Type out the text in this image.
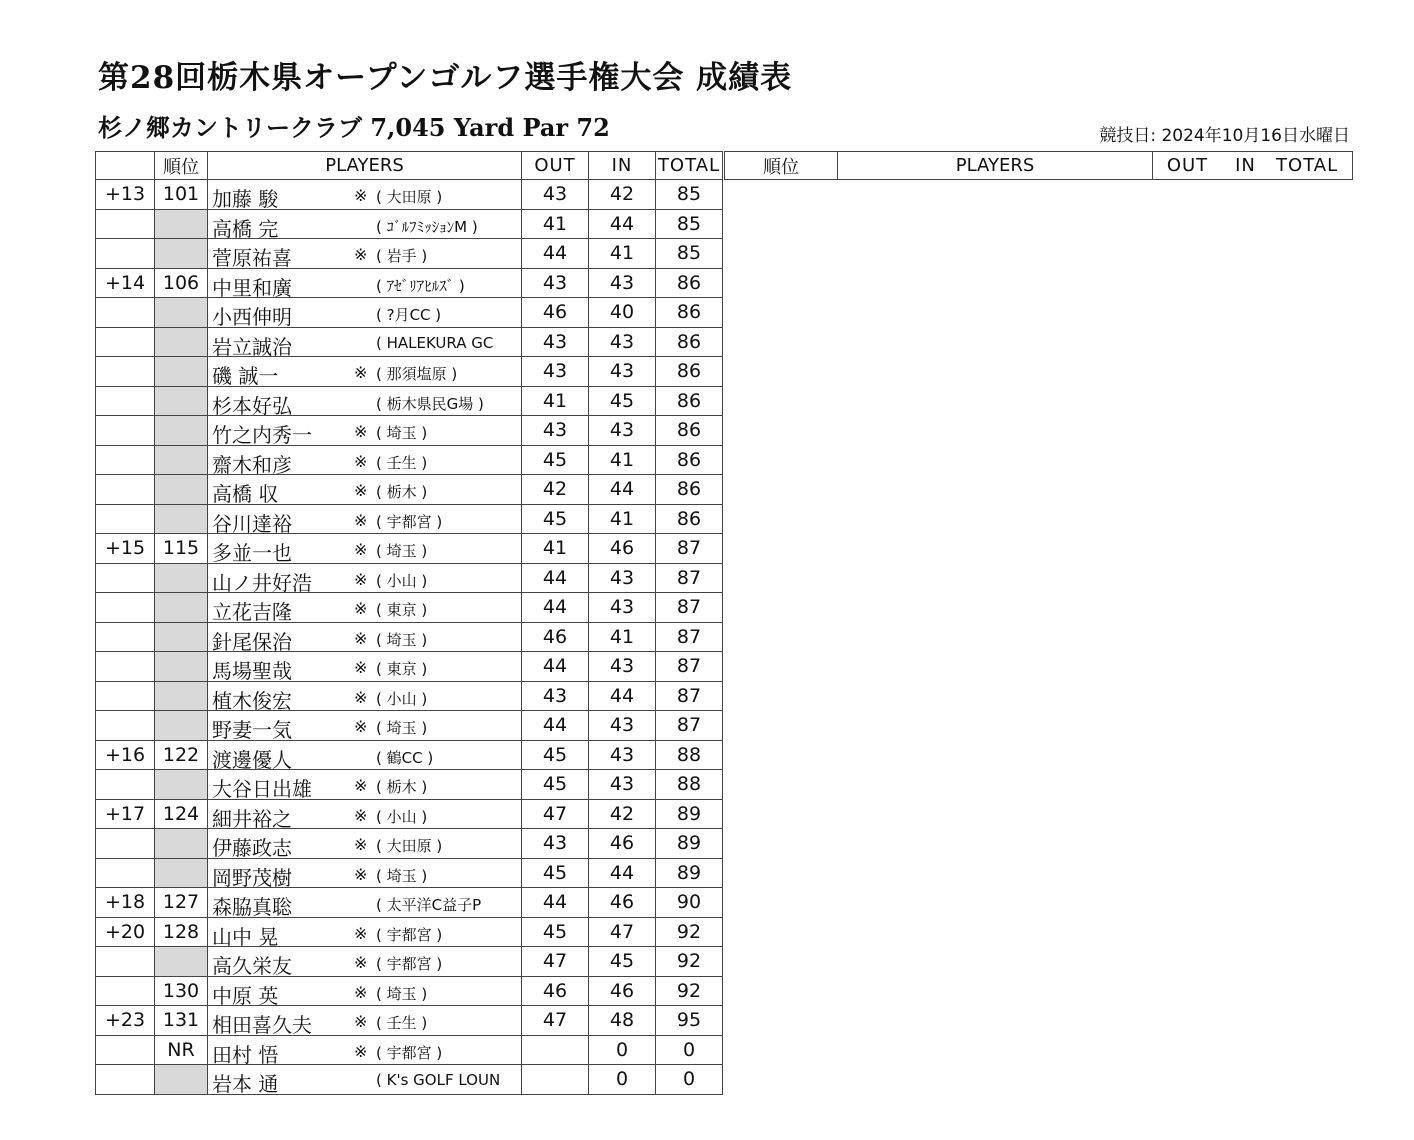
第28回栃木県オープンゴルフ選手権大会 成績表
杉ノ郷カントリークラブ 7,045 Yard Par 72	競技日: 2024年10月16日水曜日
	順位	PLAYERS	OUT	IN	TOTAL
+13	101	加藤 駿 ※ ( 大田原 )	43	42	85

		高橋 完 ( ｺﾞﾙﾌﾐｯｼｮﾝM )	41	44	85

		菅原祐喜 ※ ( 岩手 )	44	41	85
+14	106	中里和廣 ( ｱｾﾞﾘｱﾋﾙｽﾞ )	43	43	86

		小西伸明 ( ?月CC )	46	40	86

		岩立誠治 ( HALEKURA GC	43	43	86

		磯 誠一 ※ ( 那須塩原 )	43	43	86

		杉本好弘 ( 栃木県民G場 )	41	45	86

		竹之内秀一 ※ ( 埼玉 )	43	43	86

		齋木和彦 ※ ( 壬生 )	45	41	86

		高橋 収 ※ ( 栃木 )	42	44	86

		谷川達裕 ※ ( 宇都宮 )	45	41	86
+15	115	多並一也 ※ ( 埼玉 )	41	46	87

		山ノ井好浩 ※ ( 小山 )	44	43	87

		立花吉隆 ※ ( 東京 )	44	43	87

		針尾保治 ※ ( 埼玉 )	46	41	87

		馬場聖哉 ※ ( 東京 )	44	43	87

		植木俊宏 ※ ( 小山 )	43	44	87

		野妻一気 ※ ( 埼玉 )	44	43	87
+16	122	渡邊優人 ( 鶴CC )	45	43	88

		大谷日出雄 ※ ( 栃木 )	45	43	88
+17	124	細井裕之 ※ ( 小山 )	47	42	89

		伊藤政志 ※ ( 大田原 )	43	46	89

		岡野茂樹 ※ ( 埼玉 )	45	44	89
+18	127	森脇真聡 ( 太平洋C益子P	44	46	90
+20	128	山中 晃 ※ ( 宇都宮 )	45	47	92

		高久栄友 ※ ( 宇都宮 )	47	45	92
	130	中原 英 ※ ( 埼玉 )	46	46	92
+23	131	相田喜久夫 ※ ( 壬生 )	47	48	95
	NR	田村 悟 ※ ( 宇都宮 )		0	0

		岩本 通 ( K's GOLF LOUN		0	0
順位	PLAYERS	OUT IN TOTAL
